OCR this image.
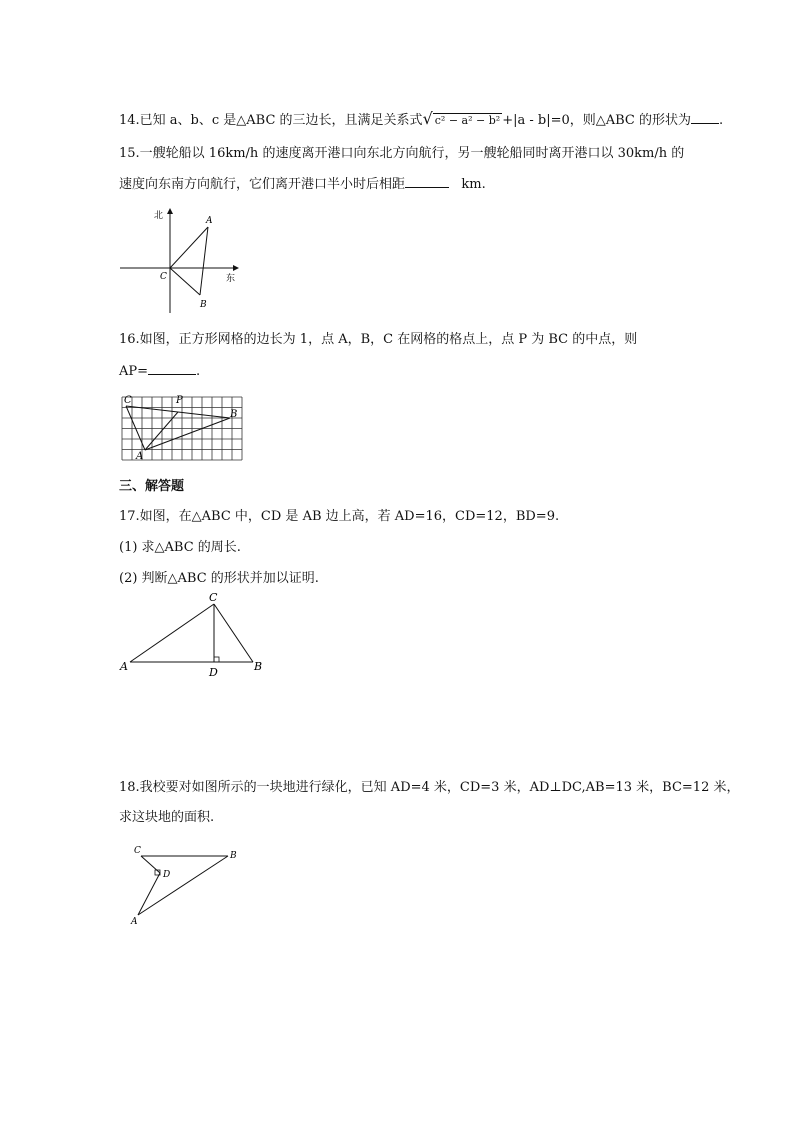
14.已知 a、b、c 是△ABC 的三边长，且满足关系式√ c² − a² − b² +|a - b|=0，则△ABC 的形状为 .
15.一艘轮船以 16km/h 的速度离开港口向东北方向航行，另一艘轮船同时离开港口以 30km/h 的
速度向东南方向航行，它们离开港口半小时后相距	km.
北
东
C
A
B
16.如图，正方形网格的边长为 1，点 A，B，C 在网格的格点上，点 P 为 BC 的中点，则
AP=	.
C	P
B
A
三、解答题
17.如图，在△ABC 中，CD 是 AB 边上高，若 AD=16，CD=12，BD=9.
(1) 求△ABC 的周长.
(2) 判断△ABC 的形状并加以证明.
C
A	D	B
18.我校要对如图所示的一块地进行绿化，已知 AD=4 米，CD=3 米，AD⊥DC,AB=13 米，BC=12 米，
求这块地的面积.
C	B
D
A
